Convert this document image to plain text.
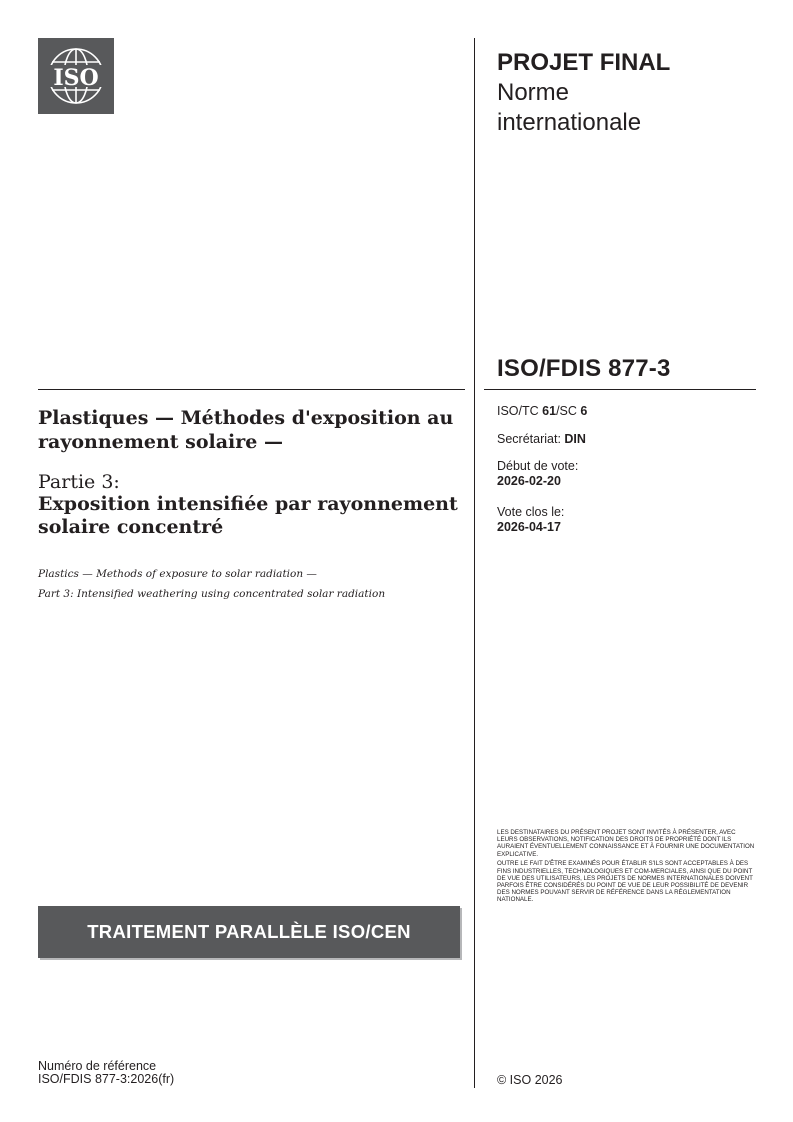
ISO
PROJET FINAL
Norme
internationale
ISO/FDIS 877-3
ISO/TC 61/SC 6
Secrétariat: DIN
Début de vote:
2026-02-20
Vote clos le:
2026-04-17
Plastiques — Méthodes d'exposition au rayonnement solaire —
Partie 3:
Exposition intensifiée par rayonnement solaire concentré
Plastics — Methods of exposure to solar radiation —
Part 3: Intensified weathering using concentrated solar radiation
TRAITEMENT PARALLÈLE ISO/CEN

LES DESTINATAIRES DU PRÉSENT PROJET SONT INVITÉS À PRÉSENTER, AVEC LEURS OBSERVATIONS, NOTIFICATION DES DROITS DE PROPRIÉTÉ DONT ILS AURAIENT ÉVENTUELLEMENT CONNAISSANCE ET À FOURNIR UNE DOCUMENTATION EXPLICATIVE.

OUTRE LE FAIT D'ÊTRE EXAMINÉS POUR ÉTABLIR S'ILS SONT ACCEPTABLES À DES FINS INDUSTRIELLES, TECHNOLOGIQUES ET COM-MERCIALES, AINSI QUE DU POINT DE VUE DES UTILISATEURS, LES PROJETS DE NORMES INTERNATIONALES DOIVENT PARFOIS ÊTRE CONSIDÉRÉS DU POINT DE VUE DE LEUR POSSIBILITÉ DE DEVENIR DES NORMES POUVANT SERVIR DE RÉFÉRENCE DANS LA RÉGLEMENTATION NATIONALE.

Numéro de référence
ISO/FDIS 877-3:2026(fr)	© ISO 2026
